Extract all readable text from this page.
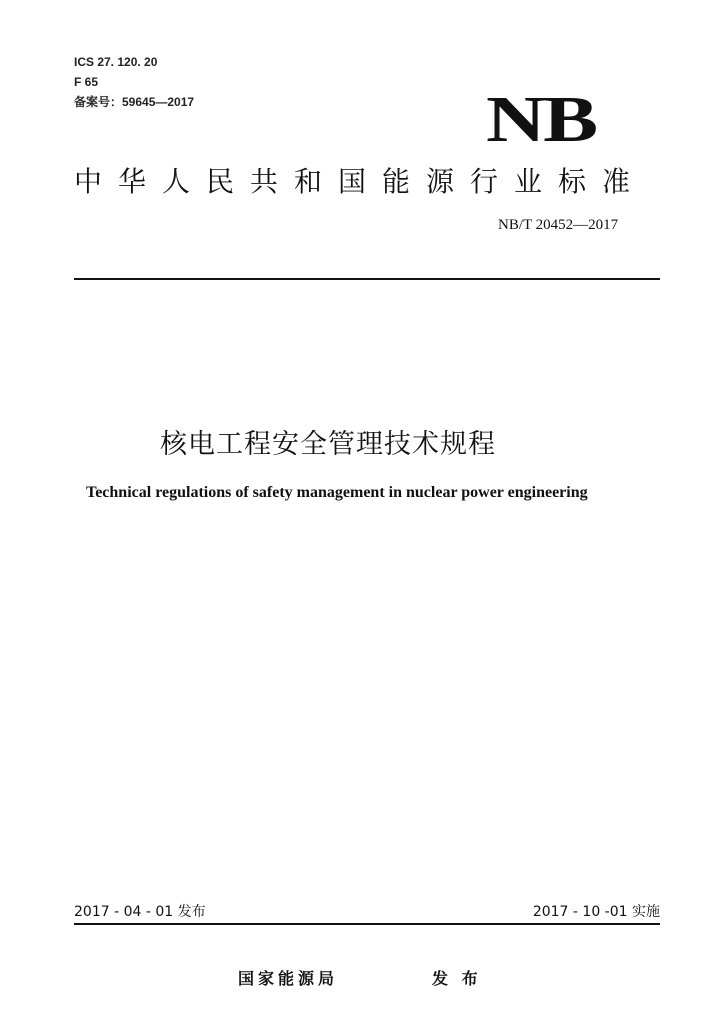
ICS 27. 120. 20
F 65
备案号：59645—2017	NB
中华人民共和国能源行业标准
NB/T 20452—2017
核电工程安全管理技术规程
Technical regulations of safety management in nuclear power engineering
2017 - 04 - 01 发布	2017 - 10 -01 实施
国家能源局	发 布
